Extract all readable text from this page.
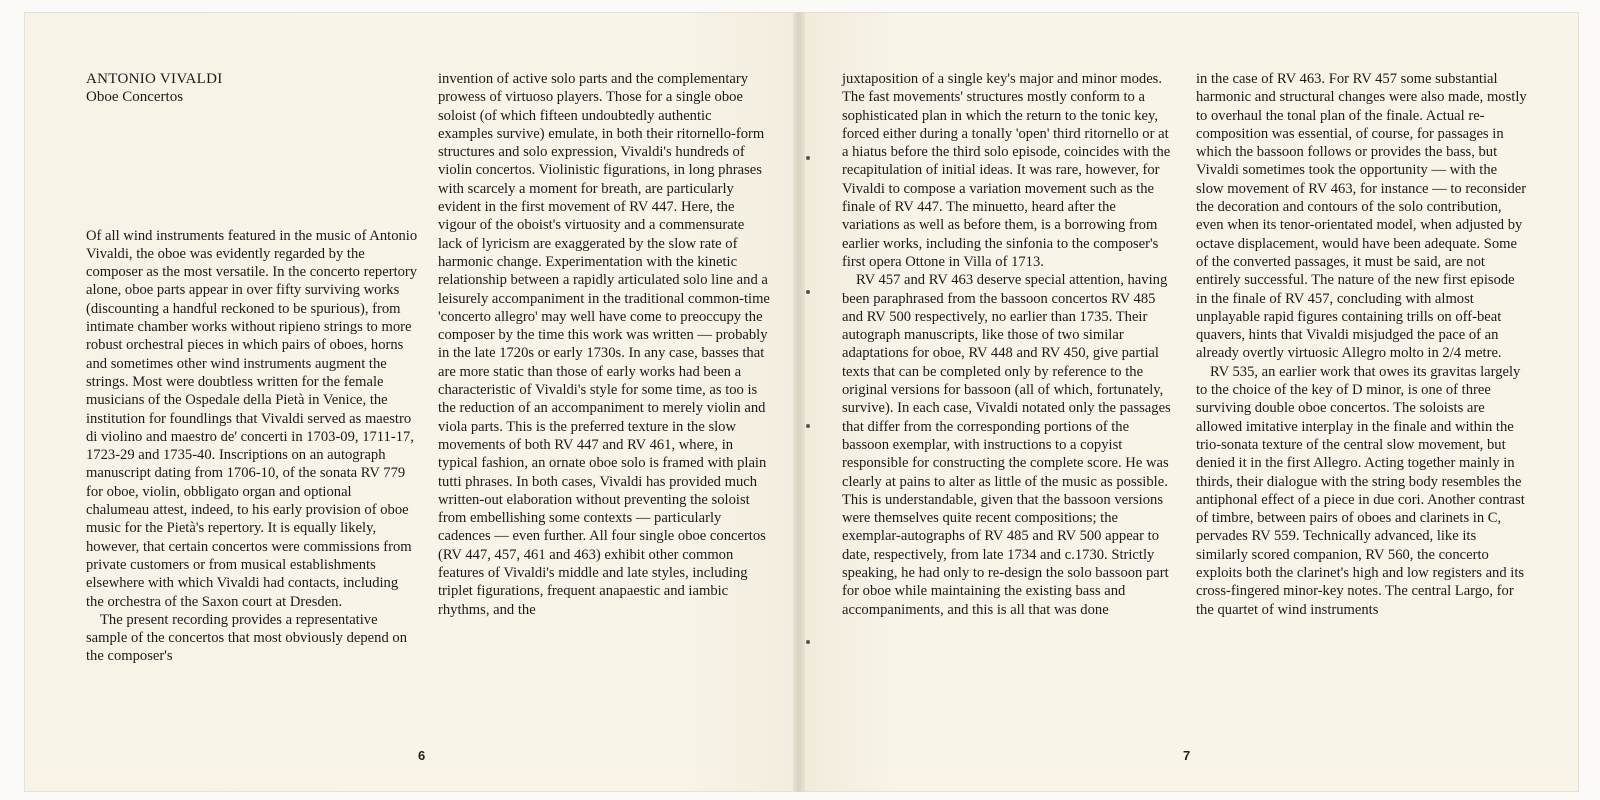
ANTONIO VIVALDI
Oboe Concertos

Of all wind instruments featured in the music of Antonio Vivaldi, the oboe was evidently regarded by the composer as the most versatile. In the concerto repertory alone, oboe parts appear in over fifty surviving works (discounting a handful reckoned to be spurious), from intimate chamber works without ripieno strings to more robust orchestral pieces in which pairs of oboes, horns and sometimes other wind instruments augment the strings. Most were doubtless written for the female musicians of the Ospedale della Pietà in Venice, the institution for foundlings that Vivaldi served as maestro di violino and maestro de' concerti in 1703-09, 1711-17, 1723-29 and 1735-40. Inscriptions on an autograph manuscript dating from 1706-10, of the sonata RV 779 for oboe, violin, obbligato organ and optional chalumeau attest, indeed, to his early provision of oboe music for the Pietà's repertory. It is equally likely, however, that certain concertos were commissions from private customers or from musical establishments elsewhere with which Vivaldi had contacts, including the orchestra of the Saxon court at Dresden.

The present recording provides a representative sample of the concertos that most obviously depend on the composer's

invention of active solo parts and the complementary prowess of virtuoso players. Those for a single oboe soloist (of which fifteen undoubtedly authentic examples survive) emulate, in both their ritornello-form structures and solo expression, Vivaldi's hundreds of violin concertos. Violinistic figurations, in long phrases with scarcely a moment for breath, are particularly evident in the first movement of RV 447. Here, the vigour of the oboist's virtuosity and a commensurate lack of lyricism are exaggerated by the slow rate of harmonic change. Experimentation with the kinetic relationship between a rapidly articulated solo line and a leisurely accompaniment in the traditional common-time 'concerto allegro' may well have come to preoccupy the composer by the time this work was written — probably in the late 1720s or early 1730s. In any case, basses that are more static than those of early works had been a characteristic of Vivaldi's style for some time, as too is the reduction of an accompaniment to merely violin and viola parts. This is the preferred texture in the slow movements of both RV 447 and RV 461, where, in typical fashion, an ornate oboe solo is framed with plain tutti phrases. In both cases, Vivaldi has provided much written-out elaboration without preventing the soloist from embellishing some contexts — particularly cadences — even further. All four single oboe concertos (RV 447, 457, 461 and 463) exhibit other common features of Vivaldi's middle and late styles, including triplet figurations, frequent anapaestic and iambic rhythms, and the

juxtaposition of a single key's major and minor modes. The fast movements' structures mostly conform to a sophisticated plan in which the return to the tonic key, forced either during a tonally 'open' third ritornello or at a hiatus before the third solo episode, coincides with the recapitulation of initial ideas. It was rare, however, for Vivaldi to compose a variation movement such as the finale of RV 447. The minuetto, heard after the variations as well as before them, is a borrowing from earlier works, including the sinfonia to the composer's first opera Ottone in Villa of 1713.

RV 457 and RV 463 deserve special attention, having been paraphrased from the bassoon concertos RV 485 and RV 500 respectively, no earlier than 1735. Their autograph manuscripts, like those of two similar adaptations for oboe, RV 448 and RV 450, give partial texts that can be completed only by reference to the original versions for bassoon (all of which, fortunately, survive). In each case, Vivaldi notated only the passages that differ from the corresponding portions of the bassoon exemplar, with instructions to a copyist responsible for constructing the complete score. He was clearly at pains to alter as little of the music as possible. This is understandable, given that the bassoon versions were themselves quite recent compositions; the exemplar-autographs of RV 485 and RV 500 appear to date, respectively, from late 1734 and c.1730. Strictly speaking, he had only to re-design the solo bassoon part for oboe while maintaining the existing bass and accompaniments, and this is all that was done

in the case of RV 463. For RV 457 some substantial harmonic and structural changes were also made, mostly to overhaul the tonal plan of the finale. Actual re-composition was essential, of course, for passages in which the bassoon follows or provides the bass, but Vivaldi sometimes took the opportunity — with the slow movement of RV 463, for instance — to reconsider the decoration and contours of the solo contribution, even when its tenor-orientated model, when adjusted by octave displacement, would have been adequate. Some of the converted passages, it must be said, are not entirely successful. The nature of the new first episode in the finale of RV 457, concluding with almost unplayable rapid figures containing trills on off-beat quavers, hints that Vivaldi misjudged the pace of an already overtly virtuosic Allegro molto in 2/4 metre.

RV 535, an earlier work that owes its gravitas largely to the choice of the key of D minor, is one of three surviving double oboe concertos. The soloists are allowed imitative interplay in the finale and within the trio-sonata texture of the central slow movement, but denied it in the first Allegro. Acting together mainly in thirds, their dialogue with the string body resembles the antiphonal effect of a piece in due cori. Another contrast of timbre, between pairs of oboes and clarinets in C, pervades RV 559. Technically advanced, like its similarly scored companion, RV 560, the concerto exploits both the clarinet's high and low registers and its cross-fingered minor-key notes. The central Largo, for the quartet of wind instruments

6	7
